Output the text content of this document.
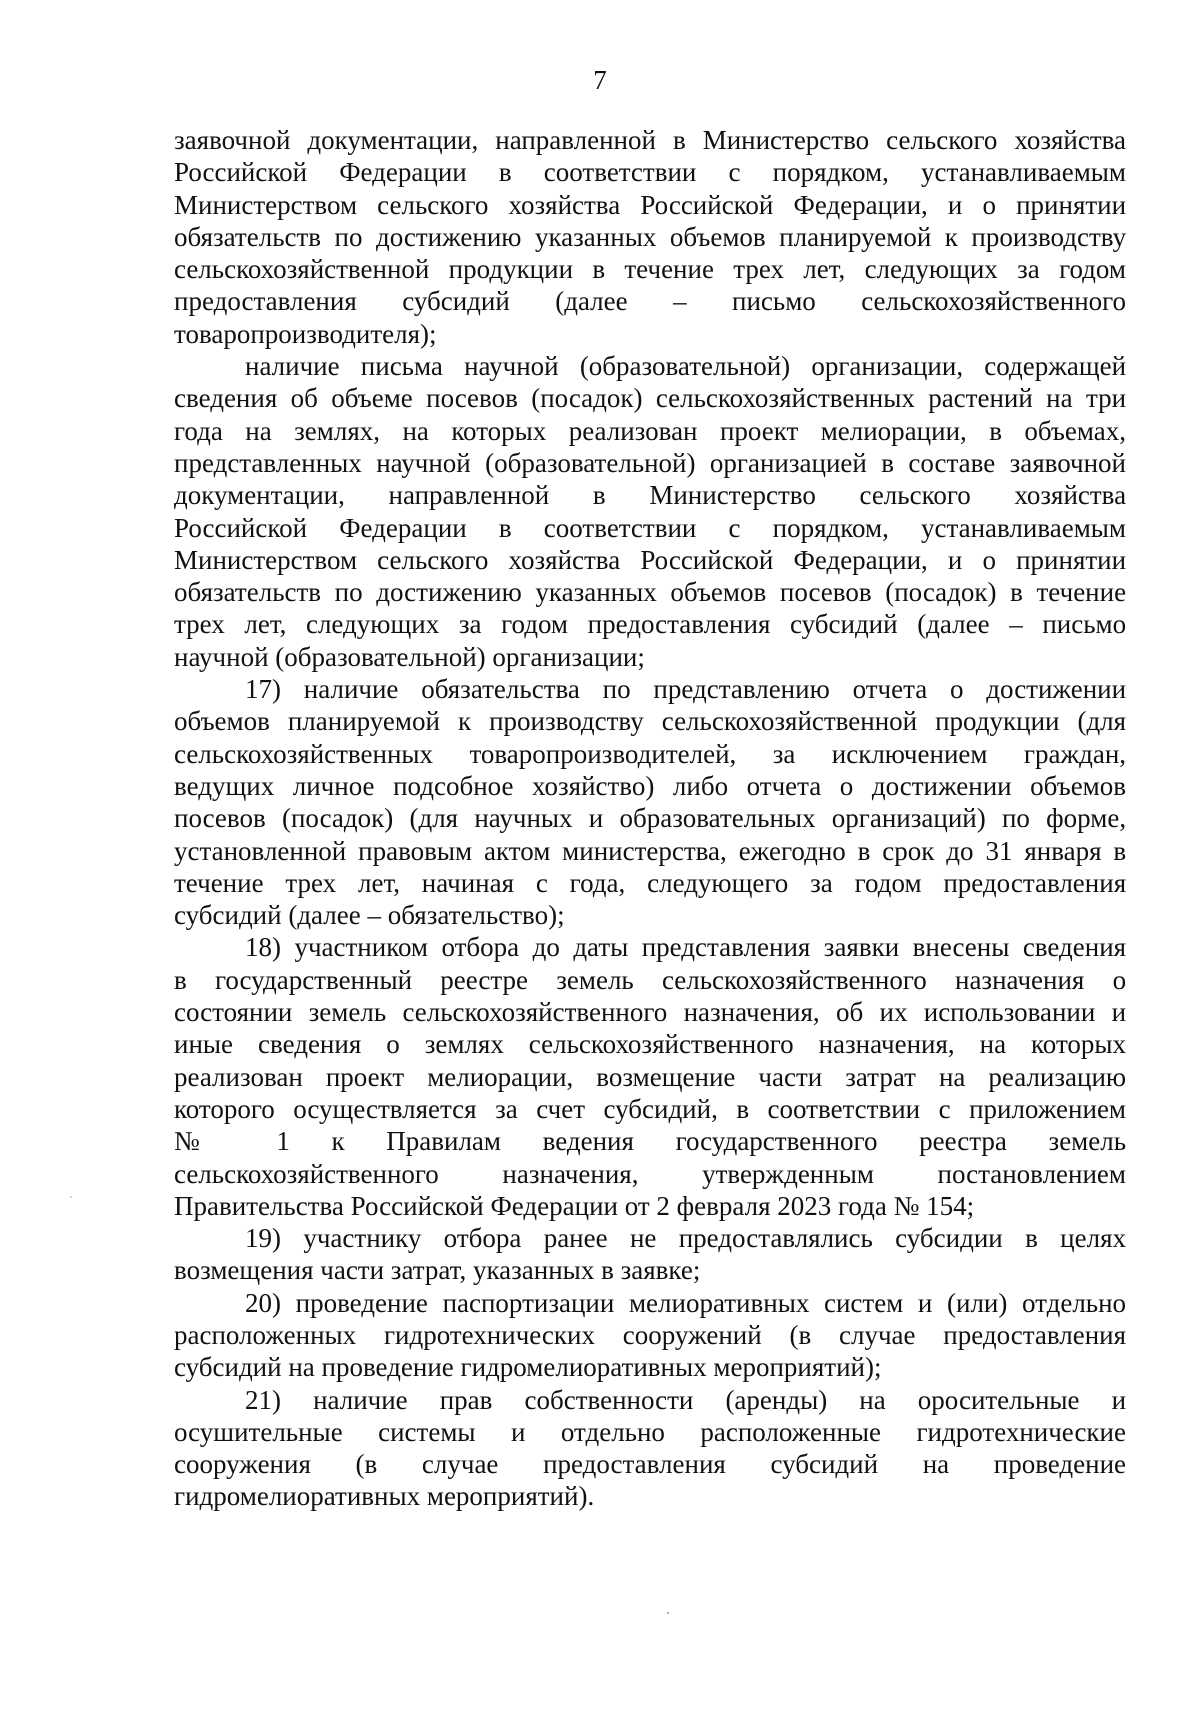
7
заявочной документации, направленной в Министерство сельского хозяйства
Российской Федерации в соответствии с порядком, устанавливаемым
Министерством сельского хозяйства Российской Федерации, и о принятии
обязательств по достижению указанных объемов планируемой к производству
сельскохозяйственной продукции в течение трех лет, следующих за годом
предоставления субсидий (далее – письмо сельскохозяйственного
товаропроизводителя);
наличие письма научной (образовательной) организации, содержащей
сведения об объеме посевов (посадок) сельскохозяйственных растений на три
года на землях, на которых реализован проект мелиорации, в объемах,
представленных научной (образовательной) организацией в составе заявочной
документации, направленной в Министерство сельского хозяйства
Российской Федерации в соответствии с порядком, устанавливаемым
Министерством сельского хозяйства Российской Федерации, и о принятии
обязательств по достижению указанных объемов посевов (посадок) в течение
трех лет, следующих за годом предоставления субсидий (далее – письмо
научной (образовательной) организации;
17) наличие обязательства по представлению отчета о достижении
объемов планируемой к производству сельскохозяйственной продукции (для
сельскохозяйственных товаропроизводителей, за исключением граждан,
ведущих личное подсобное хозяйство) либо отчета о достижении объемов
посевов (посадок) (для научных и образовательных организаций) по форме,
установленной правовым актом министерства, ежегодно в срок до 31 января в
течение трех лет, начиная с года, следующего за годом предоставления
субсидий (далее – обязательство);
18) участником отбора до даты представления заявки внесены сведения
в государственный реестре земель сельскохозяйственного назначения о
состоянии земель сельскохозяйственного назначения, об их использовании и
иные сведения о землях сельскохозяйственного назначения, на которых
реализован проект мелиорации, возмещение части затрат на реализацию
которого осуществляется за счет субсидий, в соответствии с приложением
№ 1 к Правилам ведения государственного реестра земель
сельскохозяйственного назначения, утвержденным постановлением
Правительства Российской Федерации от 2 февраля 2023 года № 154;
19) участнику отбора ранее не предоставлялись субсидии в целях
возмещения части затрат, указанных в заявке;
20) проведение паспортизации мелиоративных систем и (или) отдельно
расположенных гидротехнических сооружений (в случае предоставления
субсидий на проведение гидромелиоративных мероприятий);
21) наличие прав собственности (аренды) на оросительные и
осушительные системы и отдельно расположенные гидротехнические
сооружения (в случае предоставления субсидий на проведение
гидромелиоративных мероприятий).
